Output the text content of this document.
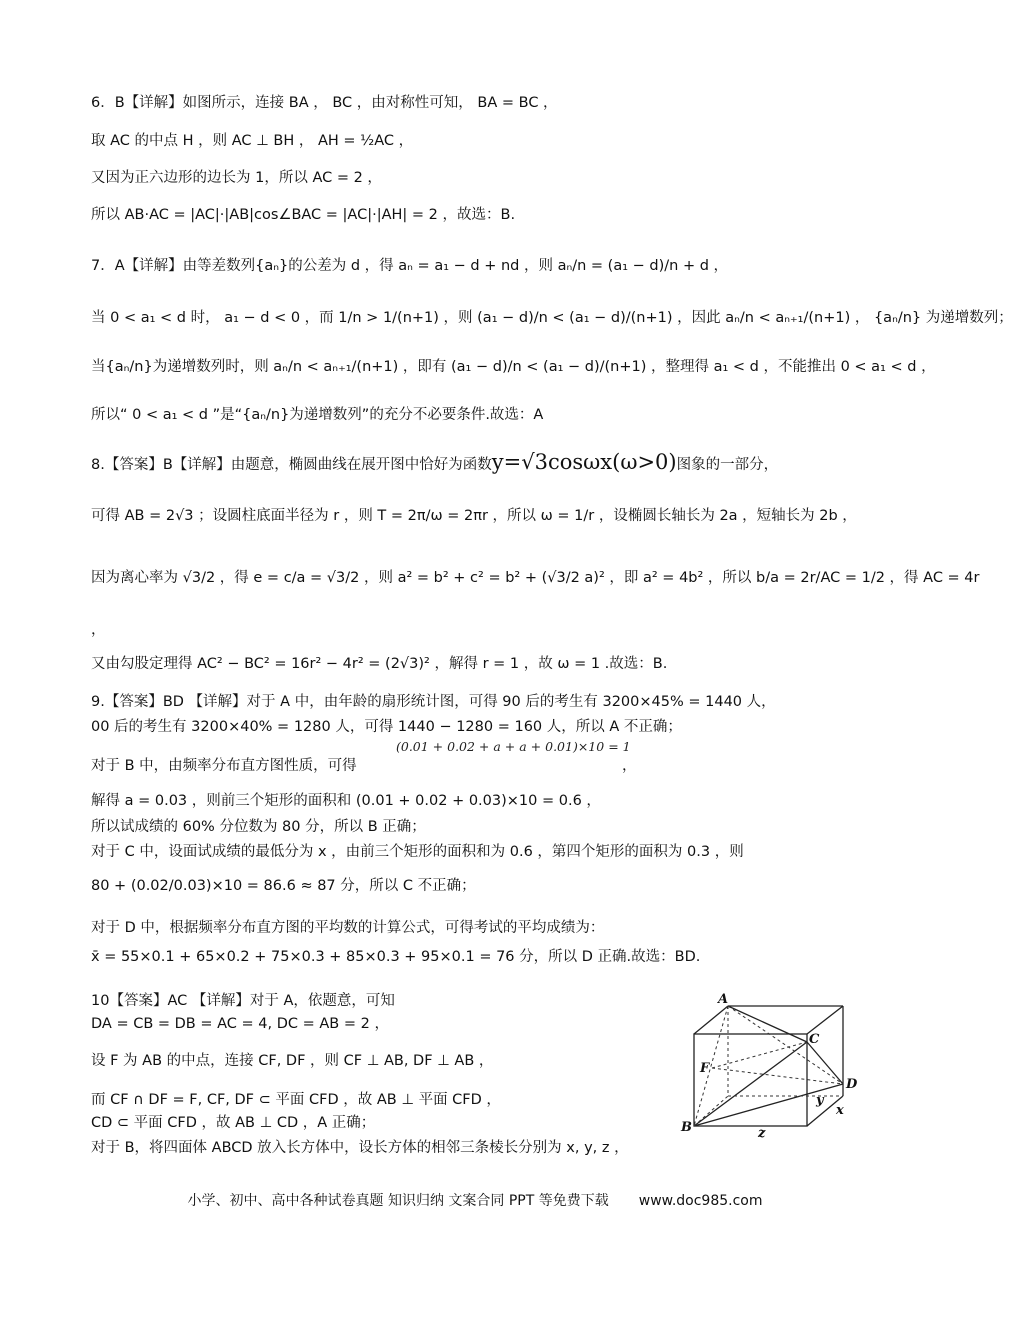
6．B【详解】如图所示，连接 BA ， BC ，由对称性可知， BA = BC ，
取 AC 的中点 H ，则 AC ⊥ BH ， AH = ½AC ，
又因为正六边形的边长为 1，所以 AC = 2 ，
所以 AB·AC = |AC|·|AB|cos∠BAC = |AC|·|AH| = 2 ，故选：B.
7．A【详解】由等差数列{aₙ}的公差为 d ，得 aₙ = a₁ − d + nd ，则 aₙ/n = (a₁ − d)/n + d ，
当 0 < a₁ < d 时， a₁ − d < 0 ，而 1/n > 1/(n+1) ，则 (a₁ − d)/n < (a₁ − d)/(n+1) ，因此 aₙ/n < aₙ₊₁/(n+1) ， {aₙ/n} 为递增数列；
当{aₙ/n}为递增数列时，则 aₙ/n < aₙ₊₁/(n+1) ，即有 (a₁ − d)/n < (a₁ − d)/(n+1) ，整理得 a₁ < d ，不能推出 0 < a₁ < d ，
所以“ 0 < a₁ < d ”是“{aₙ/n}为递增数列”的充分不必要条件.故选：A
8.【答案】B【详解】由题意，椭圆曲线在展开图中恰好为函数y=√3cosωx(ω>0)图象的一部分，
可得 AB = 2√3 ；设圆柱底面半径为 r ，则 T = 2π/ω = 2πr ，所以 ω = 1/r ，设椭圆长轴长为 2a ，短轴长为 2b ，
因为离心率为 √3/2 ，得 e = c/a = √3/2 ，则 a² = b² + c² = b² + (√3/2 a)² ，即 a² = 4b² ，所以 b/a = 2r/AC = 1/2 ，得 AC = 4r
，
又由勾股定理得 AC² − BC² = 16r² − 4r² = (2√3)² ，解得 r = 1 ，故 ω = 1 .故选：B.
9.【答案】BD 【详解】对于 A 中，由年龄的扇形统计图，可得 90 后的考生有 3200×45% = 1440 人，
00 后的考生有 3200×40% = 1280 人，可得 1440 − 1280 = 160 人，所以 A 不正确；
(0.01 + 0.02 + a + a + 0.01)×10 = 1
对于 B 中，由频率分布直方图性质，可得	，
解得 a = 0.03 ，则前三个矩形的面积和 (0.01 + 0.02 + 0.03)×10 = 0.6 ，
所以试成绩的 60% 分位数为 80 分，所以 B 正确；
对于 C 中，设面试成绩的最低分为 x ，由前三个矩形的面积和为 0.6 ，第四个矩形的面积为 0.3 ，则
80 + (0.02/0.03)×10 = 86.6 ≈ 87 分，所以 C 不正确；
对于 D 中，根据频率分布直方图的平均数的计算公式，可得考试的平均成绩为：
x̄ = 55×0.1 + 65×0.2 + 75×0.3 + 85×0.3 + 95×0.1 = 76 分，所以 D 正确.故选：BD.
10【答案】AC 【详解】对于 A，依题意，可知
DA = CB = DB = AC = 4, DC = AB = 2 ，
设 F 为 AB 的中点，连接 CF, DF ，则 CF ⊥ AB, DF ⊥ AB ，
而 CF ∩ DF = F, CF, DF ⊂ 平面 CFD ，故 AB ⊥ 平面 CFD ，
CD ⊂ 平面 CFD ，故 AB ⊥ CD ，A 正确；
对于 B，将四面体 ABCD 放入长方体中，设长方体的相邻三条棱长分别为 x, y, z ，
A
C
F
D
B
x
y
z
小学、初中、高中各种试卷真题 知识归纳 文案合同 PPT 等免费下载 www.doc985.com
